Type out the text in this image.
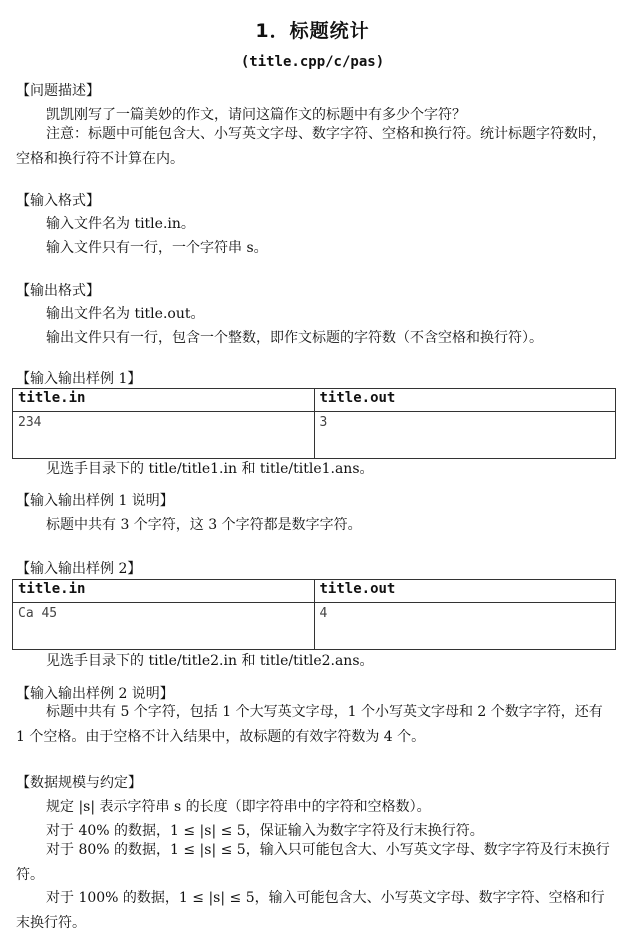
1．标题统计
(title.cpp/c/pas)
【问题描述】
凯凯刚写了一篇美妙的作文，请问这篇作文的标题中有多少个字符？
注意：标题中可能包含大、小写英文字母、数字字符、空格和换行符。统计标题字符数时，空格和换行符不计算在内。
【输入格式】
输入文件名为 title.in。
输入文件只有一行，一个字符串 s。
【输出格式】
输出文件名为 title.out。
输出文件只有一行，包含一个整数，即作文标题的字符数（不含空格和换行符）。
【输入输出样例 1】
title.in	title.out
234	3
见选手目录下的 title/title1.in 和 title/title1.ans。
【输入输出样例 1 说明】
标题中共有 3 个字符，这 3 个字符都是数字字符。
【输入输出样例 2】
title.in	title.out
Ca 45	4
见选手目录下的 title/title2.in 和 title/title2.ans。
【输入输出样例 2 说明】
标题中共有 5 个字符，包括 1 个大写英文字母，1 个小写英文字母和 2 个数字字符，还有 1 个空格。由于空格不计入结果中，故标题的有效字符数为 4 个。
【数据规模与约定】
规定 |s| 表示字符串 s 的长度（即字符串中的字符和空格数）。
对于 40% 的数据，1 ≤ |s| ≤ 5，保证输入为数字字符及行末换行符。
对于 80% 的数据，1 ≤ |s| ≤ 5，输入只可能包含大、小写英文字母、数字字符及行末换行符。
对于 100% 的数据，1 ≤ |s| ≤ 5，输入可能包含大、小写英文字母、数字字符、空格和行末换行符。
